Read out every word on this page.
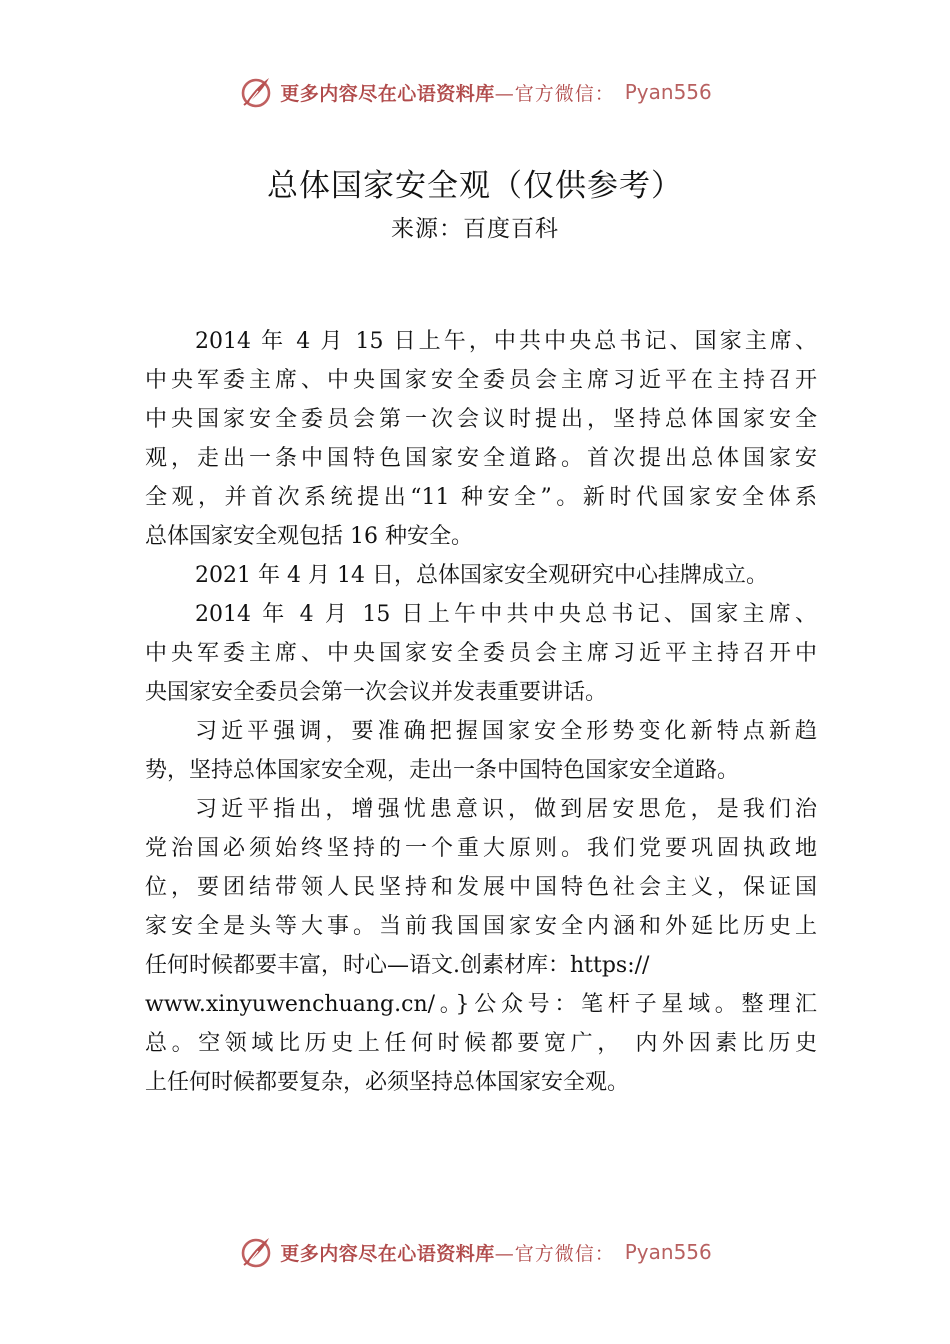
更多内容尽在心语资料库—官方微信： Pyan556
总体国家安全观（仅供参考）
来源：百度百科

2014 年 4 月 15 日上午，中共中央总书记、国家主席、
中央军委主席、中央国家安全委员会主席习近平在主持召开
中央国家安全委员会第一次会议时提出，坚持总体国家安全
观，走出一条中国特色国家安全道路。首次提出总体国家安
全观，并首次系统提出“11 种安全”。新时代国家安全体系
总体国家安全观包括 16 种安全。

2021 年 4 月 14 日，总体国家安全观研究中心挂牌成立。

2014 年 4 月 15 日上午中共中央总书记、国家主席、
中央军委主席、中央国家安全委员会主席习近平主持召开中
央国家安全委员会第一次会议并发表重要讲话。

习近平强调，要准确把握国家安全形势变化新特点新趋
势，坚持总体国家安全观，走出一条中国特色国家安全道路。

习近平指出，增强忧患意识，做到居安思危，是我们治
党治国必须始终坚持的一个重大原则。我们党要巩固执政地
位，要团结带领人民坚持和发展中国特色社会主义，保证国
家安全是头等大事。当前我国国家安全内涵和外延比历史上
任何时候都要丰富，时心—语文.创素材库：https://
www.xinyuwenchuang.cn/。}公众号：笔杆子星域。整理汇
总。空领域比历史上任何时候都要宽广， 内外因素比历史
上任何时候都要复杂，必须坚持总体国家安全观。

更多内容尽在心语资料库—官方微信： Pyan556
